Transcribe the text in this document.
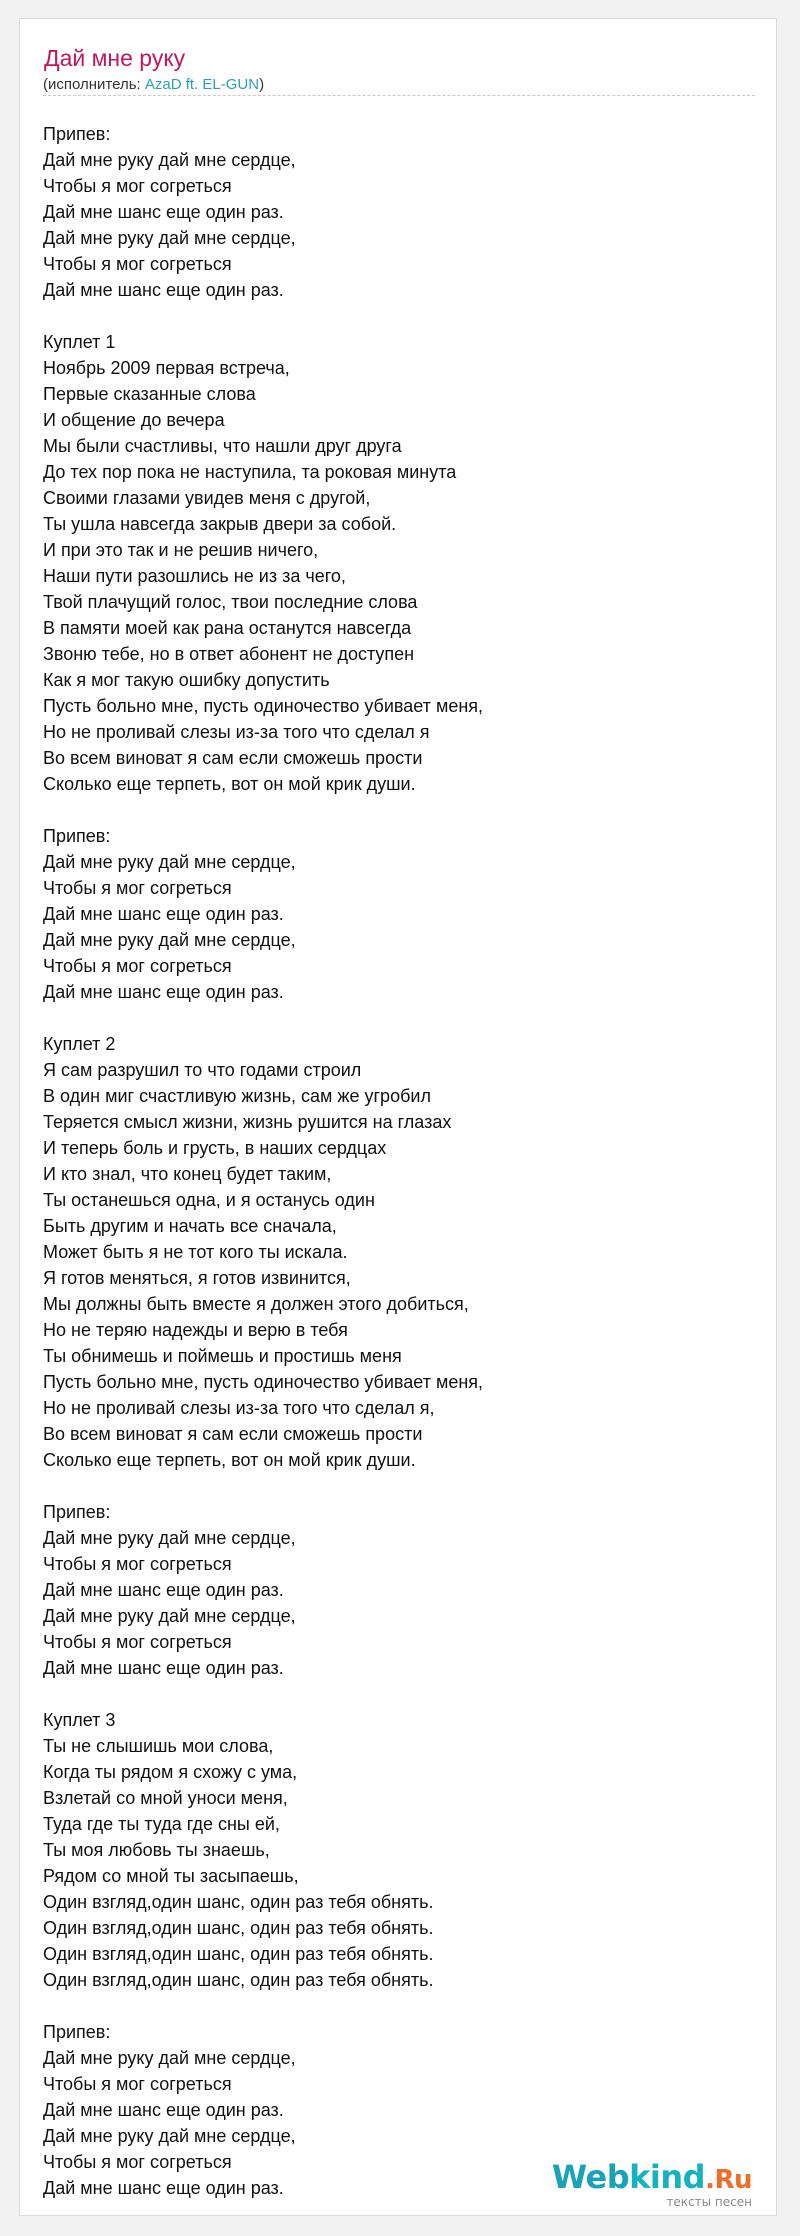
Дай мне руку
(исполнитель: AzaD ft. EL-GUN)
Припев:
Дай мне руку дай мне сердце,
Чтобы я мог согреться
Дай мне шанс еще один раз.
Дай мне руку дай мне сердце,
Чтобы я мог согреться
Дай мне шанс еще один раз.
Куплет 1
Ноябрь 2009 первая встреча,
Первые сказанные слова
И общение до вечера
Мы были счастливы, что нашли друг друга
До тех пор пока не наступила, та роковая минута
Своими глазами увидев меня с другой,
Ты ушла навсегда закрыв двери за собой.
И при это так и не решив ничего,
Наши пути разошлись не из за чего,
Твой плачущий голос, твои последние слова
В памяти моей как рана останутся навсегда
Звоню тебе, но в ответ абонент не доступен
Как я мог такую ошибку допустить
Пусть больно мне, пусть одиночество убивает меня,
Но не проливай слезы из-за того что сделал я
Во всем виноват я сам если сможешь прости
Сколько еще терпеть, вот он мой крик души.
Припев:
Дай мне руку дай мне сердце,
Чтобы я мог согреться
Дай мне шанс еще один раз.
Дай мне руку дай мне сердце,
Чтобы я мог согреться
Дай мне шанс еще один раз.
Куплет 2
Я сам разрушил то что годами строил
В один миг счастливую жизнь, сам же угробил
Теряется смысл жизни, жизнь рушится на глазах
И теперь боль и грусть, в наших сердцах
И кто знал, что конец будет таким,
Ты останешься одна, и я останусь один
Быть другим и начать все сначала,
Может быть я не тот кого ты искала.
Я готов меняться, я готов извинится,
Мы должны быть вместе я должен этого добиться,
Но не теряю надежды и верю в тебя
Ты обнимешь и поймешь и простишь меня
Пусть больно мне, пусть одиночество убивает меня,
Но не проливай слезы из-за того что сделал я,
Во всем виноват я сам если сможешь прости
Сколько еще терпеть, вот он мой крик души.
Припев:
Дай мне руку дай мне сердце,
Чтобы я мог согреться
Дай мне шанс еще один раз.
Дай мне руку дай мне сердце,
Чтобы я мог согреться
Дай мне шанс еще один раз.
Куплет 3
Ты не слышишь мои слова,
Когда ты рядом я схожу с ума,
Взлетай со мной уноси меня,
Туда где ты туда где сны ей,
Ты моя любовь ты знаешь,
Рядом со мной ты засыпаешь,
Один взгляд,один шанс, один раз тебя обнять.
Один взгляд,один шанс, один раз тебя обнять.
Один взгляд,один шанс, один раз тебя обнять.
Один взгляд,один шанс, один раз тебя обнять.
Припев:
Дай мне руку дай мне сердце,
Чтобы я мог согреться
Дай мне шанс еще один раз.
Дай мне руку дай мне сердце,
Чтобы я мог согреться
Дай мне шанс еще один раз.	Webkind.Ru
тексты песен
